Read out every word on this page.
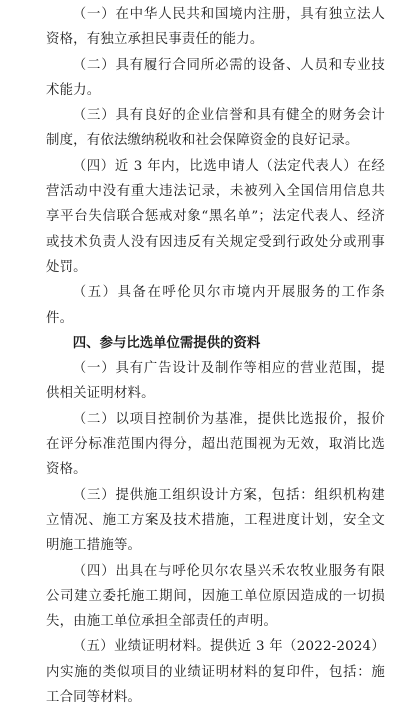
（一）在中华人民共和国境内注册，具有独立法人资格，有独立承担民事责任的能力。

（二）具有履行合同所必需的设备、人员和专业技术能力。

（三）具有良好的企业信誉和具有健全的财务会计制度，有依法缴纳税收和社会保障资金的良好记录。

（四）近 3 年内，比选申请人（法定代表人）在经营活动中没有重大违法记录，未被列入全国信用信息共享平台失信联合惩戒对象“黑名单”；法定代表人、经济或技术负责人没有因违反有关规定受到行政处分或刑事处罚。

（五）具备在呼伦贝尔市境内开展服务的工作条件。

四、参与比选单位需提供的资料

（一）具有广告设计及制作等相应的营业范围，提供相关证明材料。

（二）以项目控制价为基准，提供比选报价，报价在评分标准范围内得分，超出范围视为无效，取消比选资格。

（三）提供施工组织设计方案，包括：组织机构建立情况、施工方案及技术措施，工程进度计划，安全文明施工措施等。

（四）出具在与呼伦贝尔农垦兴禾农牧业服务有限公司建立委托施工期间，因施工单位原因造成的一切损失，由施工单位承担全部责任的声明。

（五）业绩证明材料。提供近 3 年（2022-2024）内实施的类似项目的业绩证明材料的复印件，包括：施工合同等材料。
